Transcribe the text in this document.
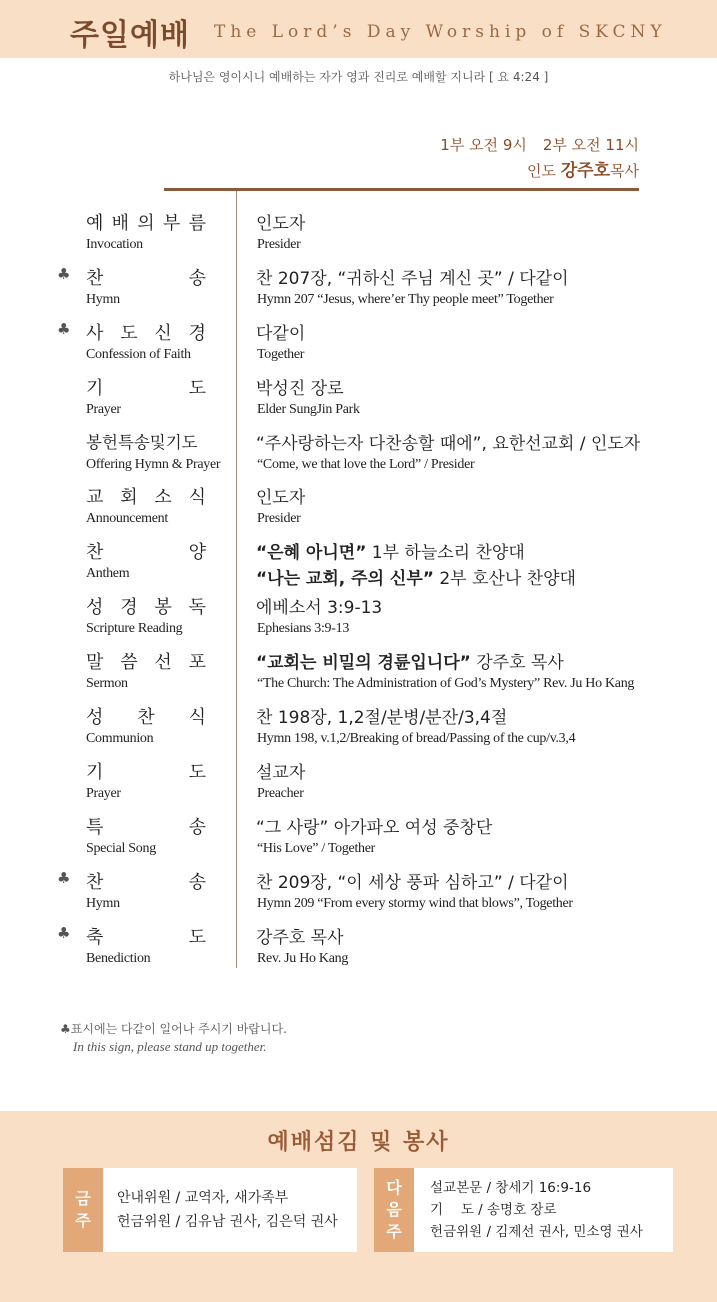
주일예배 The Lord’s Day Worship of SKCNY
하나님은 영이시니 예배하는 자가 영과 진리로 예배할 지니라 [ 요 4:24 ]
1부 오전 9시 2부 오전 11시
인도 강주호목사
예 배 의 부 름
Invocation
인도자
Presider
♣ 찬	송
Hymn
찬 207장, “귀하신 주님 계신 곳” / 다같이
Hymn 207 “Jesus, where’er Thy people meet” Together
♣ 사 도 신 경
Confession of Faith
다같이
Together
기	도
Prayer
박성진 장로
Elder SungJin Park
봉헌특송및기도
Offering Hymn & Prayer
“주사랑하는자 다찬송할 때에”, 요한선교회 / 인도자
“Come, we that love the Lord” / Presider
교 회 소 식
Announcement
인도자
Presider
찬	양
Anthem
“은혜 아니면” 1부 하늘소리 찬양대
“나는 교회, 주의 신부” 2부 호산나 찬양대
성 경 봉 독
Scripture Reading
에베소서 3:9-13
Ephesians 3:9-13
말 씀 선 포
Sermon
“교회는 비밀의 경륜입니다” 강주호 목사
“The Church: The Administration of God’s Mystery” Rev. Ju Ho Kang
성 찬 식
Communion
찬 198장, 1,2절/분병/분잔/3,4절
Hymn 198, v.1,2/Breaking of bread/Passing of the cup/v.3,4
기	도
Prayer
설교자
Preacher
특	송
Special Song
“그 사랑” 아가파오 여성 중창단
“His Love” / Together
♣ 찬	송
Hymn
찬 209장, “이 세상 풍파 심하고” / 다같이
Hymn 209 “From every stormy wind that blows”, Together
♣ 축	도
Benediction
강주호 목사
Rev. Ju Ho Kang
♣표시에는 다같이 일어나 주시기 바랍니다.
In this sign, please stand up together.
예배섬김 및 봉사
금주
안내위원 / 교역자, 새가족부
헌금위원 / 김유남 권사, 김은덕 권사
다음주
설교본문 / 창세기 16:9-16
기　 도 / 송명호 장로
헌금위원 / 김제선 권사, 민소영 권사
